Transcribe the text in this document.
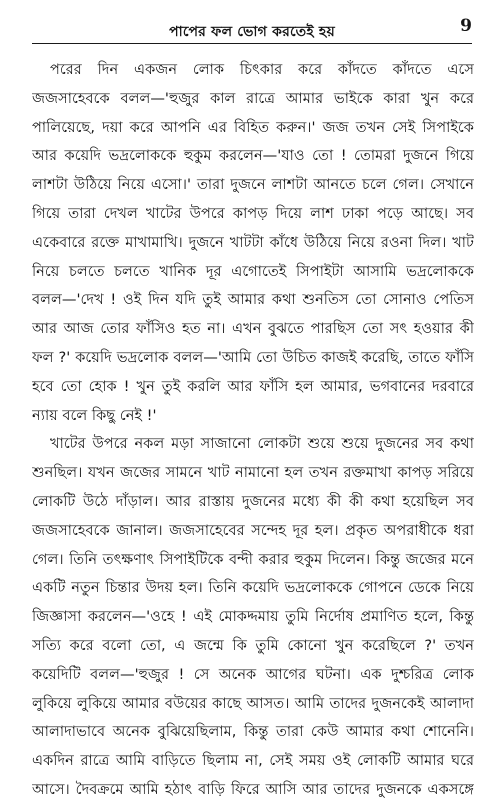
পাপের ফল ভোগ করতেই হয়	9
পরের দিন একজন লোক চিৎকার করে কাঁদতে কাঁদতে এসে
জজসাহেবকে বলল—'হুজুর কাল রাত্রে আমার ভাইকে কারা খুন করে
পালিয়েছে, দয়া করে আপনি এর বিহিত করুন।' জজ তখন সেই সিপাইকে
আর কয়েদি ভদ্রলোককে হুকুম করলেন—'যাও তো ! তোমরা দুজনে গিয়ে
লাশটা উঠিয়ে নিয়ে এসো।' তারা দুজনে লাশটা আনতে চলে গেল। সেখানে
গিয়ে তারা দেখল খাটের উপরে কাপড় দিয়ে লাশ ঢাকা পড়ে আছে। সব
একেবারে রক্তে মাখামাখি। দুজনে খাটটা কাঁধে উঠিয়ে নিয়ে রওনা দিল। খাট
নিয়ে চলতে চলতে খানিক দূর এগোতেই সিপাইটা আসামি ভদ্রলোককে
বলল—'দেখ ! ওই দিন যদি তুই আমার কথা শুনতিস তো সোনাও পেতিস
আর আজ তোর ফাঁসিও হত না। এখন বুঝতে পারছিস তো সৎ হওয়ার কী
ফল ?' কয়েদি ভদ্রলোক বলল—'আমি তো উচিত কাজই করেছি, তাতে ফাঁসি
হবে তো হোক ! খুন তুই করলি আর ফাঁসি হল আমার, ভগবানের দরবারে
ন্যায় বলে কিছু নেই !'
খাটের উপরে নকল মড়া সাজানো লোকটা শুয়ে শুয়ে দুজনের সব কথা
শুনছিল। যখন জজের সামনে খাট নামানো হল তখন রক্তমাখা কাপড় সরিয়ে
লোকটি উঠে দাঁড়াল। আর রাস্তায় দুজনের মধ্যে কী কী কথা হয়েছিল সব
জজসাহেবকে জানাল। জজসাহেবের সন্দেহ দূর হল। প্রকৃত অপরাধীকে ধরা
গেল। তিনি তৎক্ষণাৎ সিপাইটিকে বন্দী করার হুকুম দিলেন। কিন্তু জজের মনে
একটি নতুন চিন্তার উদয় হল। তিনি কয়েদি ভদ্রলোককে গোপনে ডেকে নিয়ে
জিজ্ঞাসা করলেন—'ওহে ! এই মোকদ্দমায় তুমি নির্দোষ প্রমাণিত হলে, কিন্তু
সত্যি করে বলো তো, এ জন্মে কি তুমি কোনো খুন করেছিলে ?' তখন
কয়েদিটি বলল—'হুজুর ! সে অনেক আগের ঘটনা। এক দুশ্চরিত্র লোক
লুকিয়ে লুকিয়ে আমার বউয়ের কাছে আসত। আমি তাদের দুজনকেই আলাদা
আলাদাভাবে অনেক বুঝিয়েছিলাম, কিন্তু তারা কেউ আমার কথা শোনেনি।
একদিন রাত্রে আমি বাড়িতে ছিলাম না, সেই সময় ওই লোকটি আমার ঘরে
আসে। দৈবক্রমে আমি হঠাৎ বাড়ি ফিরে আসি আর তাদের দুজনকে একসঙ্গে
